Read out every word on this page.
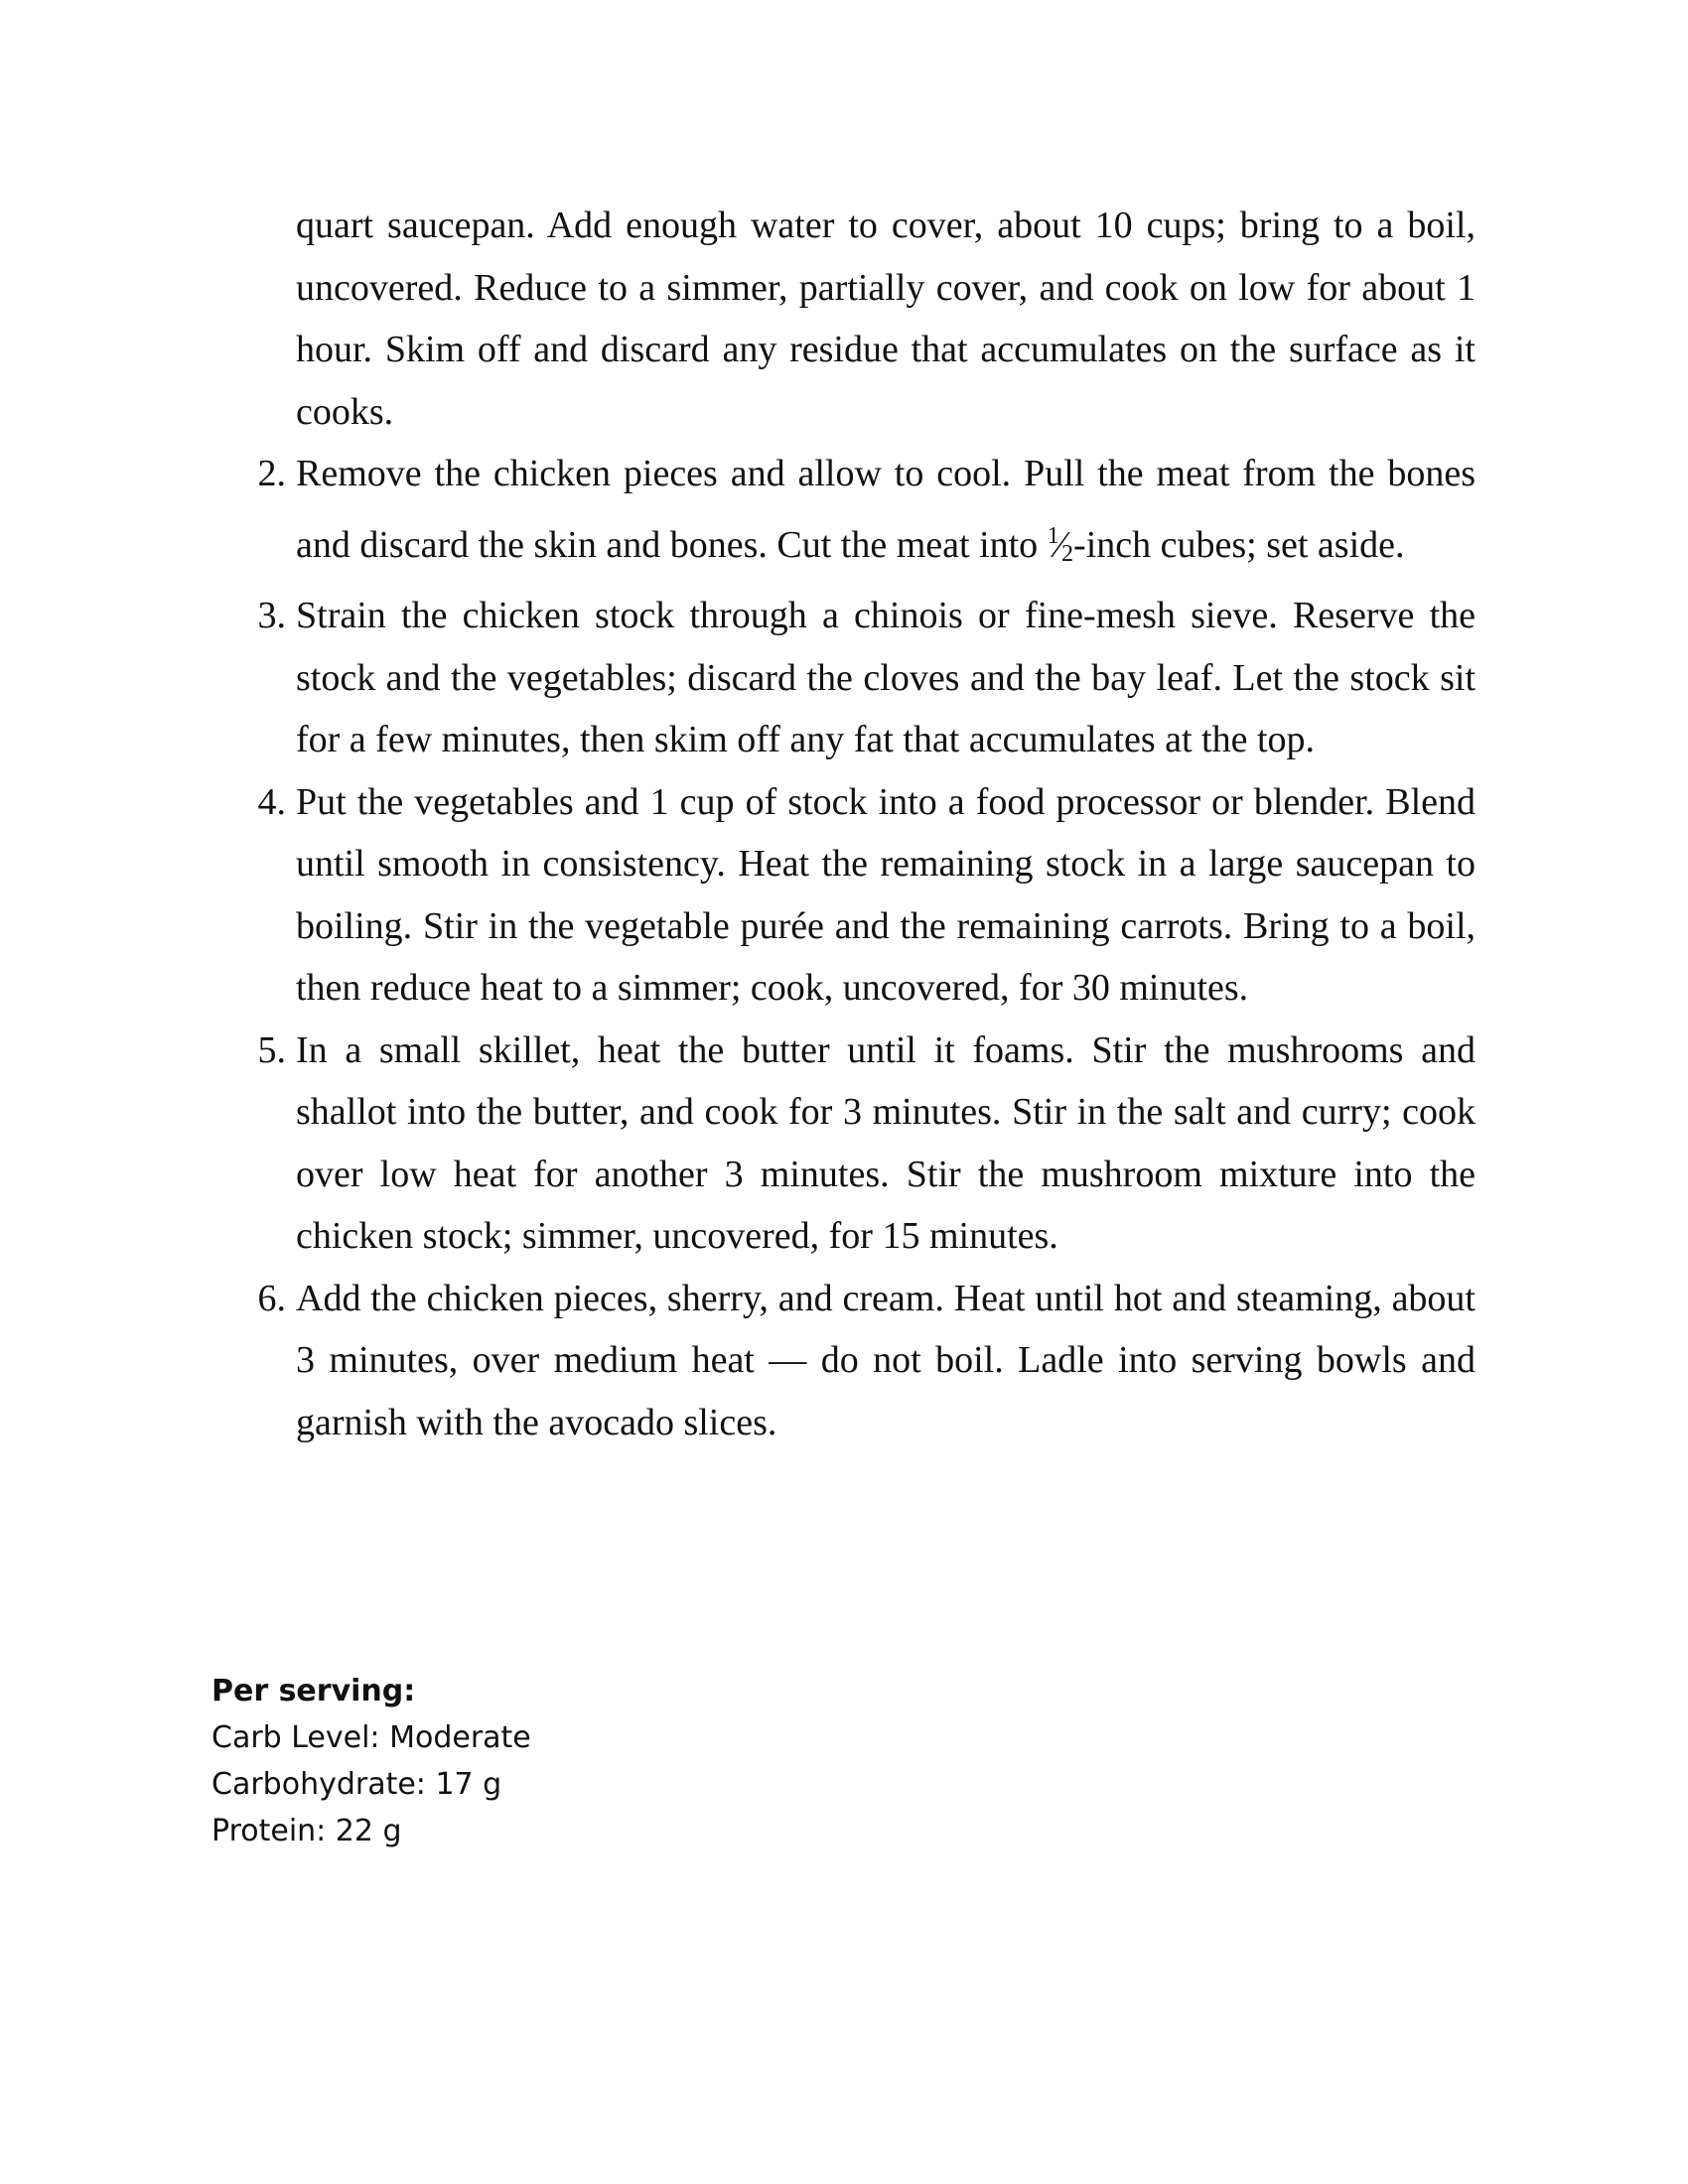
quart saucepan. Add enough water to cover, about 10 cups; bring to a boil, uncovered. Reduce to a simmer, partially cover, and cook on low for about 1 hour. Skim off and discard any residue that accumulates on the surface as it cooks.
2. Remove the chicken pieces and allow to cool. Pull the meat from the bones and discard the skin and bones. Cut the meat into $^1$⁄2-inch cubes; set aside.
3. Strain the chicken stock through a chinois or fine-mesh sieve. Reserve the stock and the vegetables; discard the cloves and the bay leaf. Let the stock sit for a few minutes, then skim off any fat that accumulates at the top.
4. Put the vegetables and 1 cup of stock into a food processor or blender. Blend until smooth in consistency. Heat the remaining stock in a large saucepan to boiling. Stir in the vegetable purée and the remaining carrots. Bring to a boil, then reduce heat to a simmer; cook, uncovered, for 30 minutes.
5. In a small skillet, heat the butter until it foams. Stir the mushrooms and shallot into the butter, and cook for 3 minutes. Stir in the salt and curry; cook over low heat for another 3 minutes. Stir the mushroom mixture into the chicken stock; simmer, uncovered, for 15 minutes.
6. Add the chicken pieces, sherry, and cream. Heat until hot and steaming, about 3 minutes, over medium heat — do not boil. Ladle into serving bowls and garnish with the avocado slices.

Per serving:

Carb Level: Moderate

Carbohydrate: 17 g

Protein: 22 g
